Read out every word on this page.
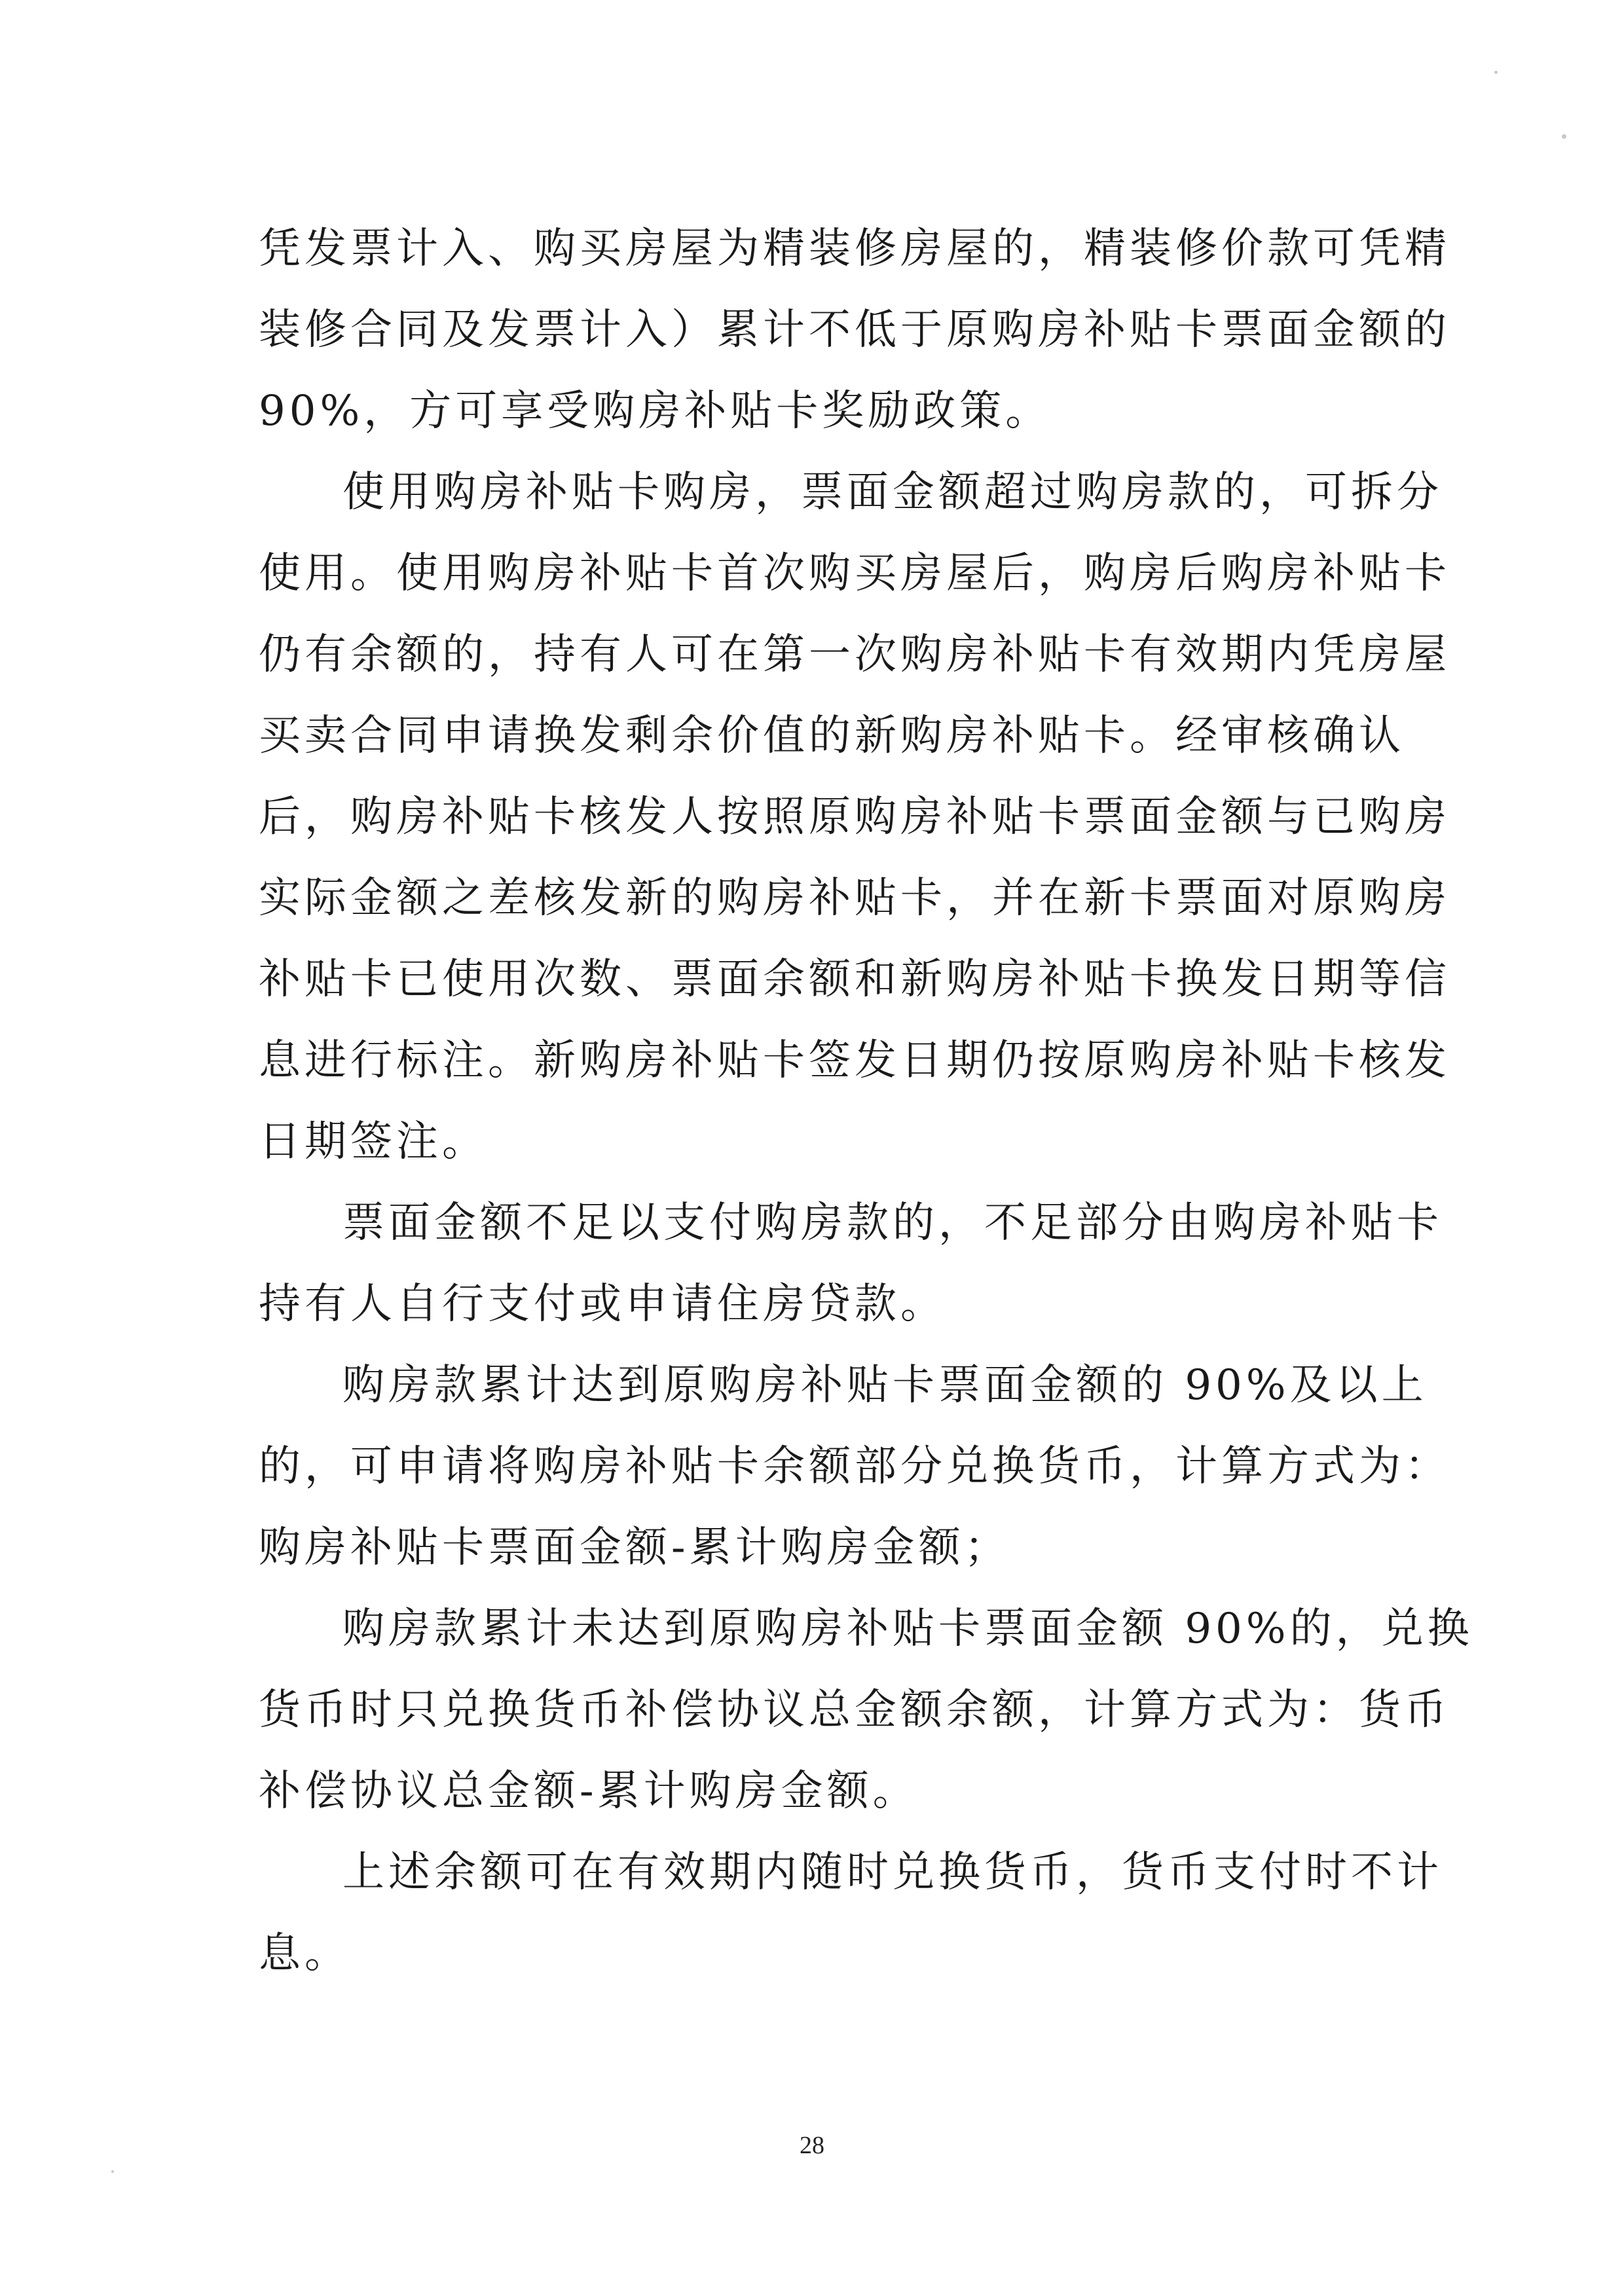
凭发票计入、购买房屋为精装修房屋的，精装修价款可凭精
装修合同及发票计入）累计不低于原购房补贴卡票面金额的
90%，方可享受购房补贴卡奖励政策。
使用购房补贴卡购房，票面金额超过购房款的，可拆分
使用。使用购房补贴卡首次购买房屋后，购房后购房补贴卡
仍有余额的，持有人可在第一次购房补贴卡有效期内凭房屋
买卖合同申请换发剩余价值的新购房补贴卡。经审核确认
后，购房补贴卡核发人按照原购房补贴卡票面金额与已购房
实际金额之差核发新的购房补贴卡，并在新卡票面对原购房
补贴卡已使用次数、票面余额和新购房补贴卡换发日期等信
息进行标注。新购房补贴卡签发日期仍按原购房补贴卡核发
日期签注。
票面金额不足以支付购房款的，不足部分由购房补贴卡
持有人自行支付或申请住房贷款。
购房款累计达到原购房补贴卡票面金额的 90%及以上
的，可申请将购房补贴卡余额部分兑换货币，计算方式为：
购房补贴卡票面金额-累计购房金额；
购房款累计未达到原购房补贴卡票面金额 90%的，兑换
货币时只兑换货币补偿协议总金额余额，计算方式为：货币
补偿协议总金额-累计购房金额。
上述余额可在有效期内随时兑换货币，货币支付时不计
息。
28
